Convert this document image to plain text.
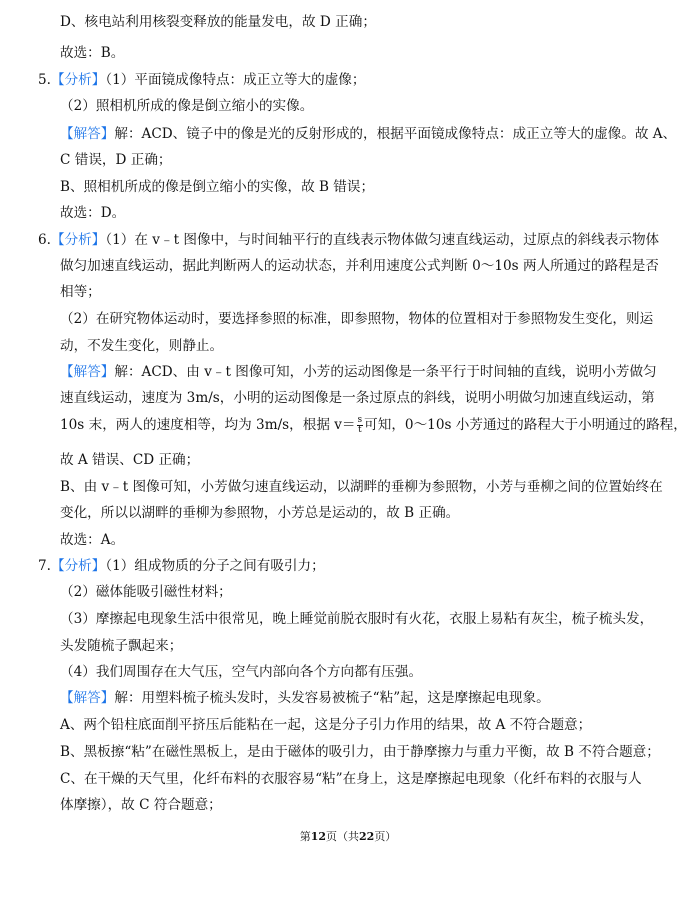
D、核电站利用核裂变释放的能量发电，故 D 正确；
故选：B。
5.【分析】（1）平面镜成像特点：成正立等大的虚像；
（2）照相机所成的像是倒立缩小的实像。
【解答】解：ACD、镜子中的像是光的反射形成的，根据平面镜成像特点：成正立等大的虚像。故 A、
C 错误，D 正确；
B、照相机所成的像是倒立缩小的实像，故 B 错误；
故选：D。
6.【分析】（1）在 v﹣t 图像中，与时间轴平行的直线表示物体做匀速直线运动，过原点的斜线表示物体
做匀加速直线运动，据此判断两人的运动状态，并利用速度公式判断 0～10s 两人所通过的路程是否
相等；
（2）在研究物体运动时，要选择参照的标准，即参照物，物体的位置相对于参照物发生变化，则运
动，不发生变化，则静止。
【解答】解：ACD、由 v﹣t 图像可知，小芳的运动图像是一条平行于时间轴的直线，说明小芳做匀
速直线运动，速度为 3m/s，小明的运动图像是一条过原点的斜线，说明小明做匀加速直线运动，第
10s 末，两人的速度相等，均为 3m/s，根据 $v= \frac{s}{t}$ 可知，0～10s 小芳通过的路程大于小明通过的路程，
故 A 错误、CD 正确；
B、由 v﹣t 图像可知，小芳做匀速直线运动，以湖畔的垂柳为参照物，小芳与垂柳之间的位置始终在
变化，所以以湖畔的垂柳为参照物，小芳总是运动的，故 B 正确。
故选：A。
7.【分析】（1）组成物质的分子之间有吸引力；
（2）磁体能吸引磁性材料；
（3）摩擦起电现象生活中很常见，晚上睡觉前脱衣服时有火花，衣服上易粘有灰尘，梳子梳头发，
头发随梳子飘起来；
（4）我们周围存在大气压，空气内部向各个方向都有压强。
【解答】解：用塑料梳子梳头发时，头发容易被梳子“粘”起，这是摩擦起电现象。
A、两个铅柱底面削平挤压后能粘在一起，这是分子引力作用的结果，故 A 不符合题意；
B、黑板擦“粘”在磁性黑板上，是由于磁体的吸引力，由于静摩擦力与重力平衡，故 B 不符合题意；
C、在干燥的天气里，化纤布料的衣服容易“粘”在身上，这是摩擦起电现象（化纤布料的衣服与人
体摩擦），故 C 符合题意；
第12页（共22页）
